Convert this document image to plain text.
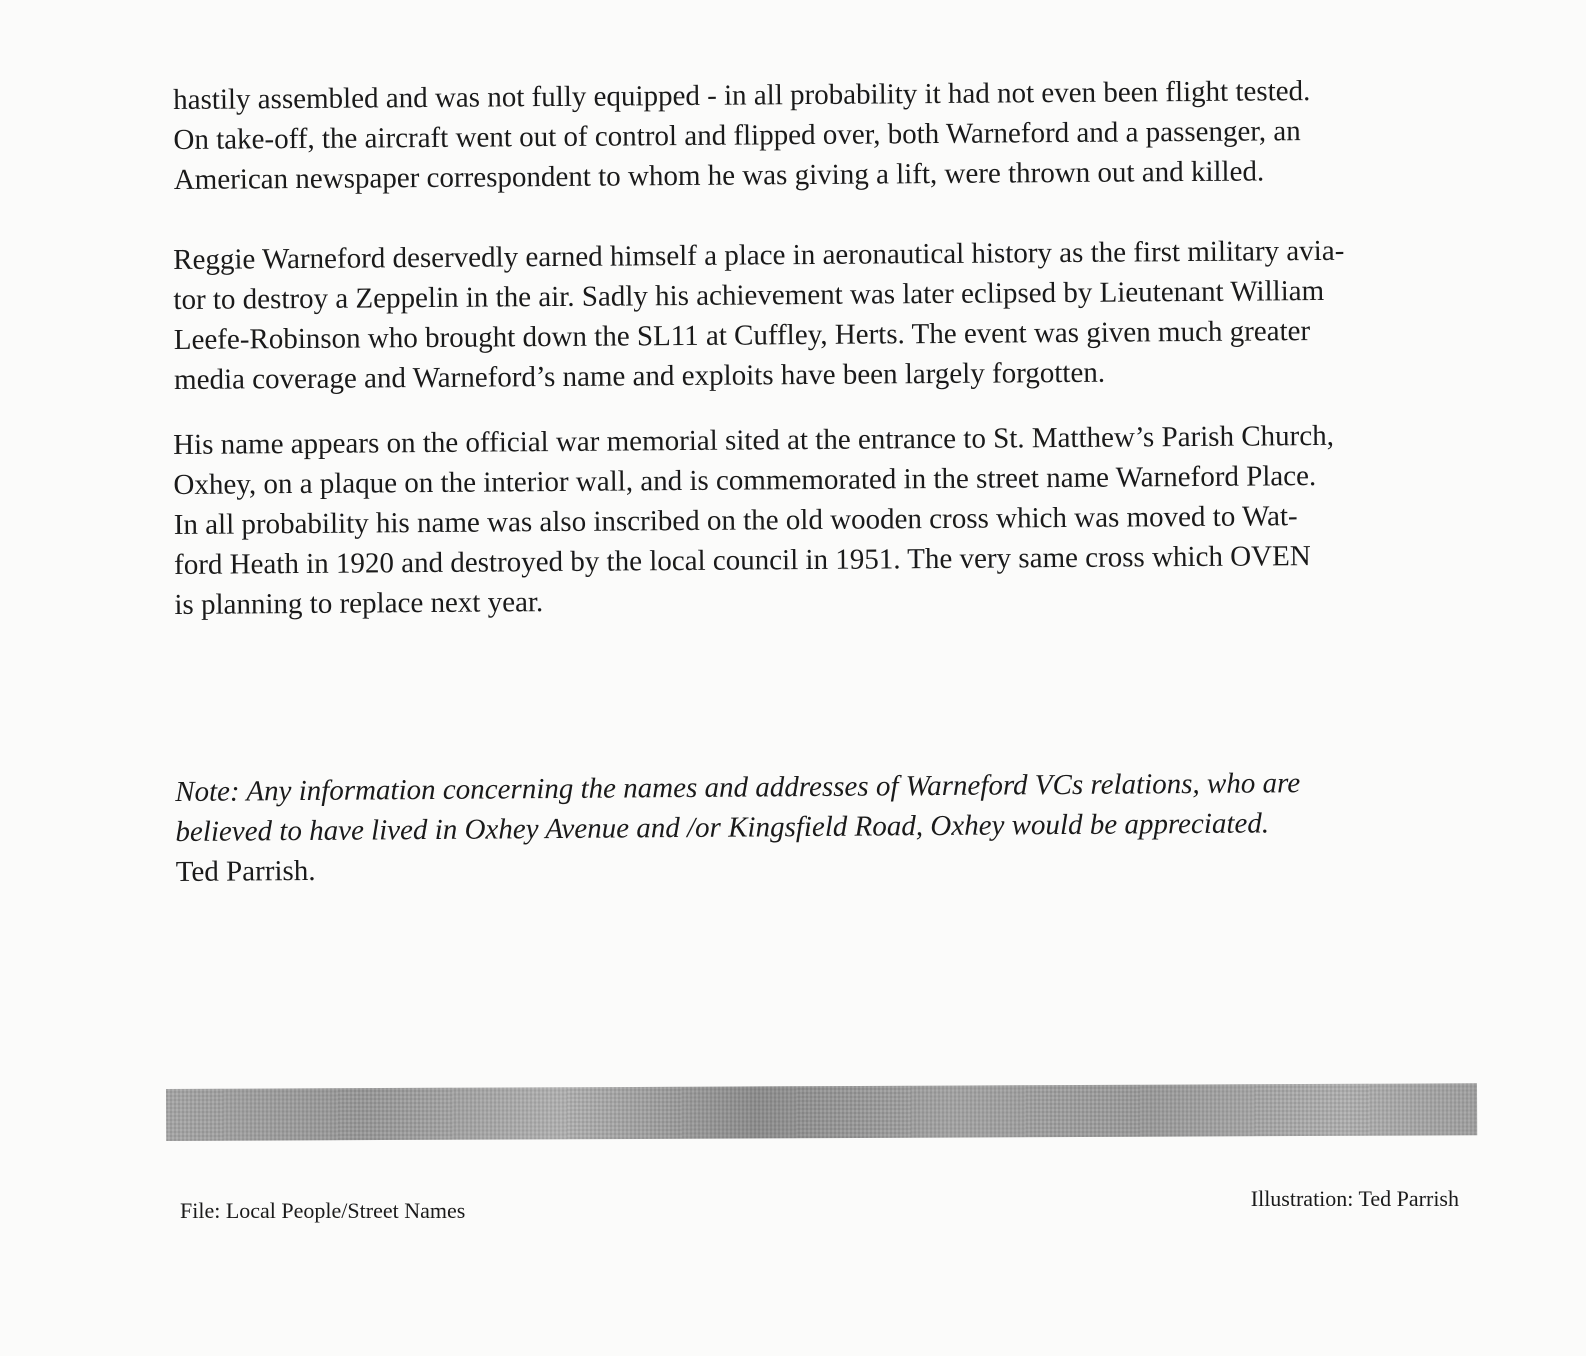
hastily assembled and was not fully equipped - in all probability it had not even been flight tested.
On take-off, the aircraft went out of control and flipped over, both Warneford and a passenger, an
American newspaper correspondent to whom he was giving a lift, were thrown out and killed.
Reggie Warneford deservedly earned himself a place in aeronautical history as the first military avia-
tor to destroy a Zeppelin in the air. Sadly his achievement was later eclipsed by Lieutenant William
Leefe-Robinson who brought down the SL11 at Cuffley, Herts. The event was given much greater
media coverage and Warneford’s name and exploits have been largely forgotten.
His name appears on the official war memorial sited at the entrance to St. Matthew’s Parish Church,
Oxhey, on a plaque on the interior wall, and is commemorated in the street name Warneford Place.
In all probability his name was also inscribed on the old wooden cross which was moved to Wat-
ford Heath in 1920 and destroyed by the local council in 1951. The very same cross which OVEN
is planning to replace next year.
Note: Any information concerning the names and addresses of Warneford VCs relations, who are
believed to have lived in Oxhey Avenue and /or Kingsfield Road, Oxhey would be appreciated.
Ted Parrish.

File: Local People/Street Names	Illustration: Ted Parrish
